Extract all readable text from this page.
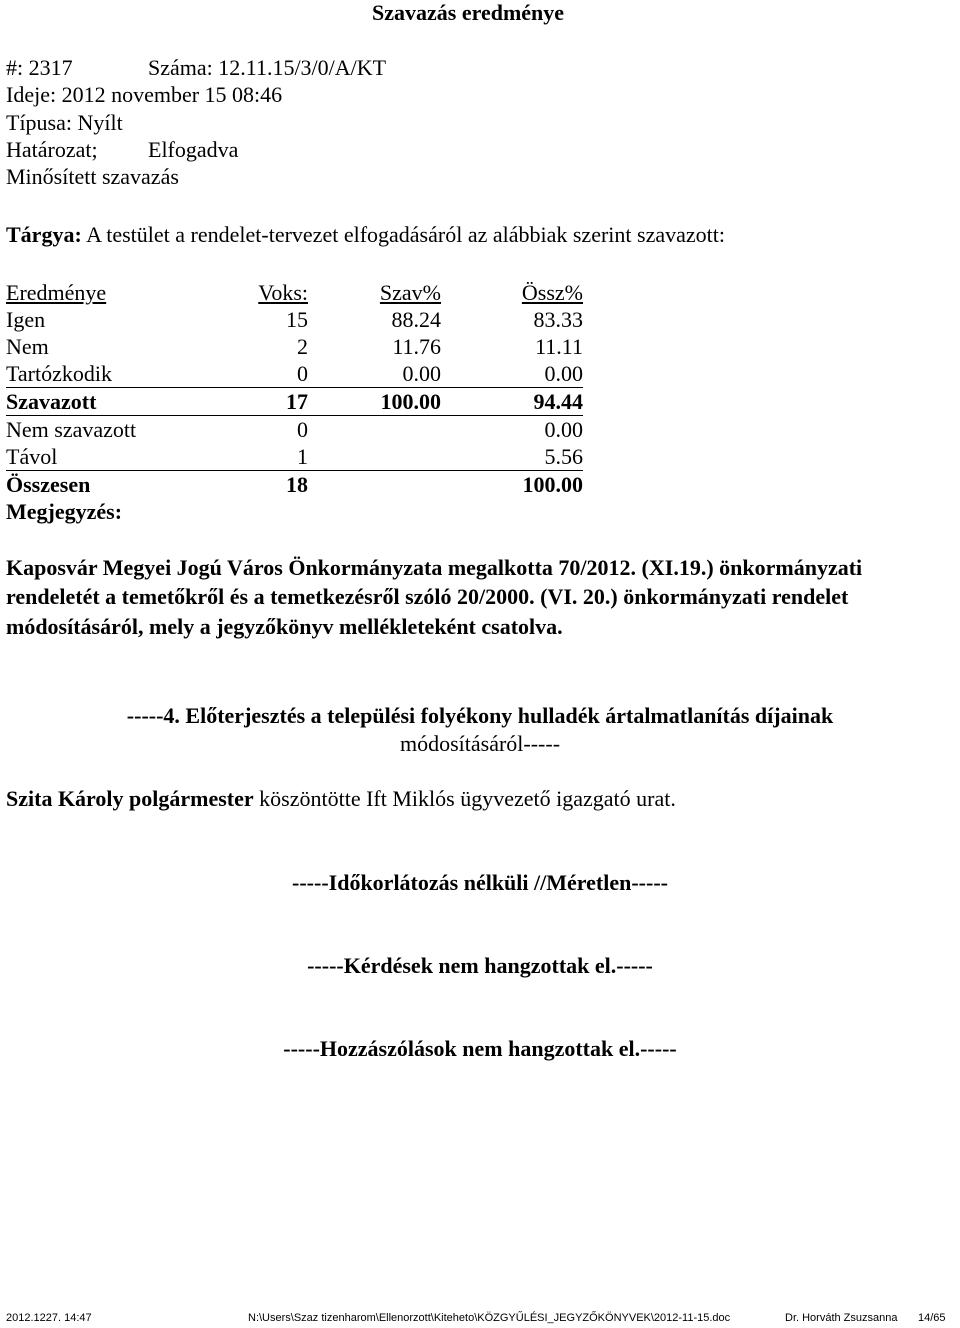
Szavazás eredménye
#: 2317	Száma: 12.11.15/3/0/A/KT
Ideje: 2012 november 15 08:46
Típusa: Nyílt
Határozat; Elfogadva
Minősített szavazás
Tárgya: A testület a rendelet-tervezet elfogadásáról az alábbiak szerint szavazott:
Eredménye	Voks:	Szav%	Össz%
Igen	15	88.24	83.33
Nem	2	11.76	11.11
Tartózkodik	0	0.00	0.00
Szavazott	17	100.00	94.44
Nem szavazott	0		0.00
Távol	1		5.56
Összesen	18		100.00
Megjegyzés:			
Kaposvár Megyei Jogú Város Önkormányzata megalkotta 70/2012. (XI.19.) önkormányzati
rendeletét a temetőkről és a temetkezésről szóló 20/2000. (VI. 20.) önkormányzati rendelet
módosításáról, mely a jegyzőkönyv mellékleteként csatolva.
-----4. Előterjesztés a települési folyékony hulladék ártalmatlanítás díjainak
módosításáról-----
Szita Károly polgármester köszöntötte Ift Miklós ügyvezető igazgató urat.
-----Időkorlátozás nélküli //Méretlen-----
-----Kérdések nem hangzottak el.-----
-----Hozzászólások nem hangzottak el.-----
2012.1227. 14:47	N:\Users\Szaz tizenharom\Ellenorzott\Kiteheto\KÖZGYŰLÉSI_JEGYZŐKÖNYVEK\2012-11-15.doc	Dr. Horváth Zsuzsanna 14/65
